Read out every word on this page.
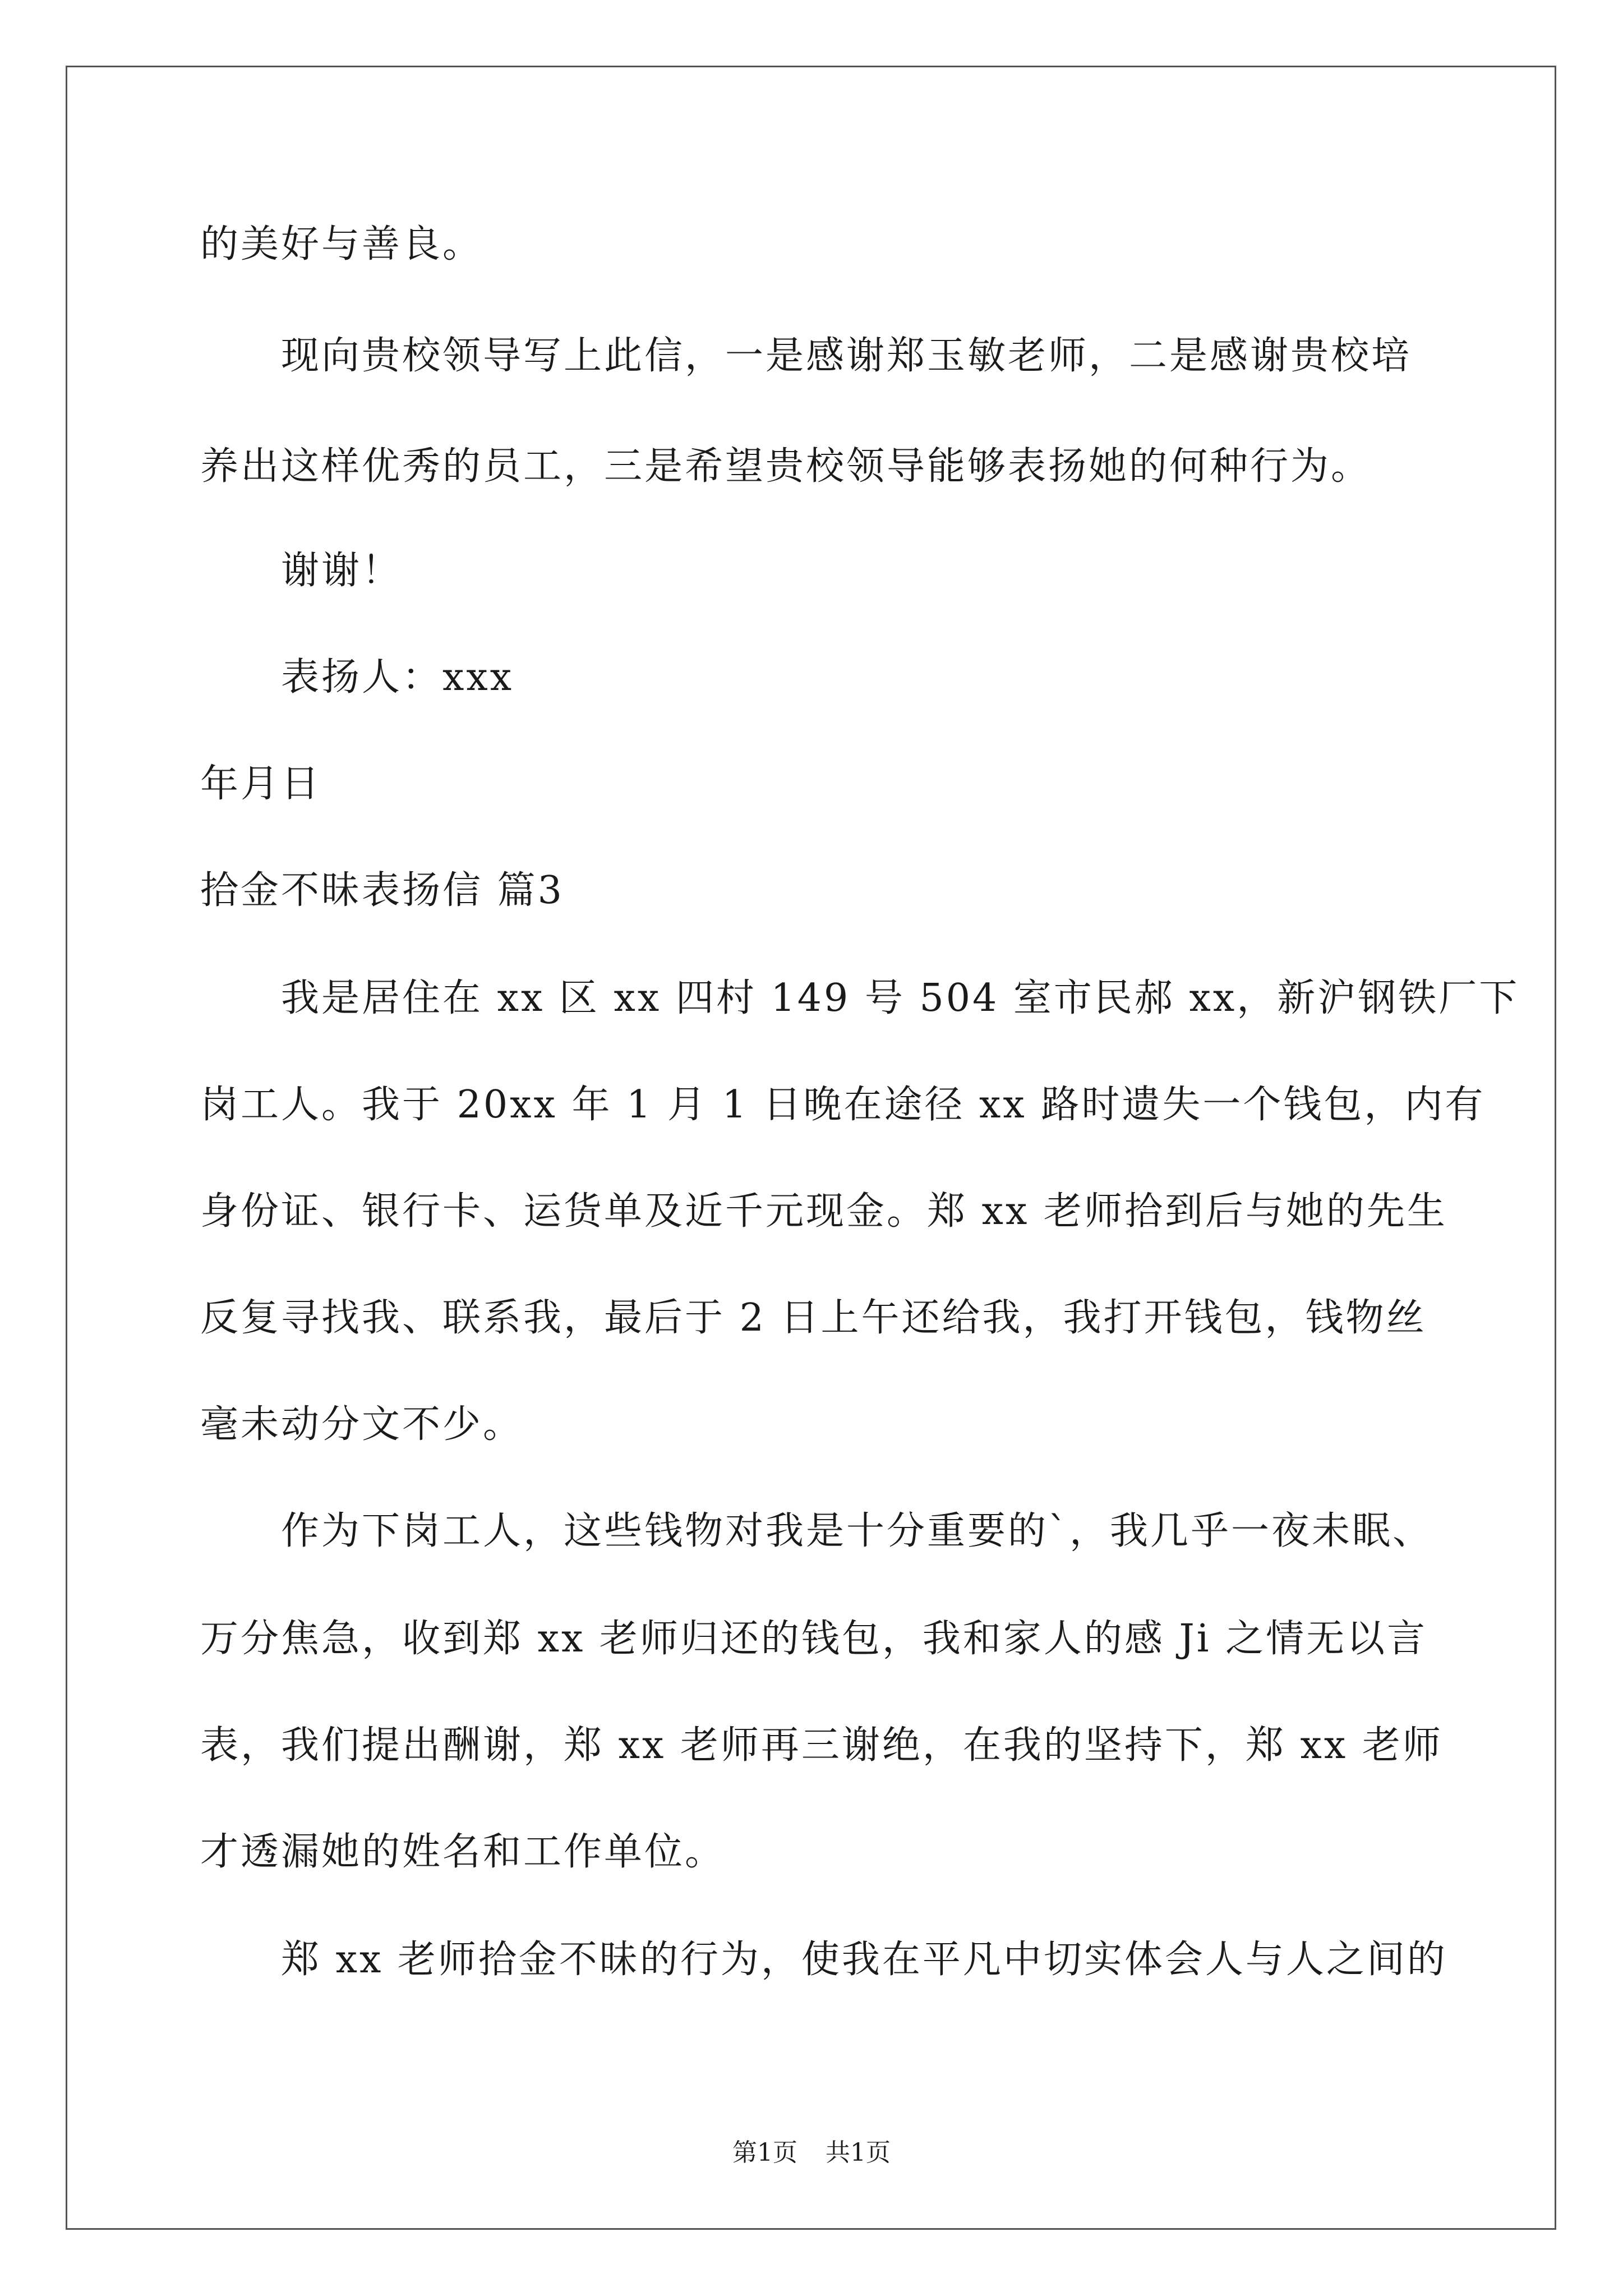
的美好与善良。
现向贵校领导写上此信，一是感谢郑玉敏老师，二是感谢贵校培
养出这样优秀的员工，三是希望贵校领导能够表扬她的何种行为。
谢谢！
表扬人：xxx
年月日
拾金不昧表扬信 篇3
我是居住在 xx 区 xx 四村 149 号 504 室市民郝 xx，新沪钢铁厂下
岗工人。我于 20xx 年 1 月 1 日晚在途径 xx 路时遗失一个钱包，内有
身份证、银行卡、运货单及近千元现金。郑 xx 老师拾到后与她的先生
反复寻找我、联系我，最后于 2 日上午还给我，我打开钱包，钱物丝
毫未动分文不少。
作为下岗工人，这些钱物对我是十分重要的`，我几乎一夜未眠、
万分焦急，收到郑 xx 老师归还的钱包，我和家人的感 Ji 之情无以言
表，我们提出酬谢，郑 xx 老师再三谢绝，在我的坚持下，郑 xx 老师
才透漏她的姓名和工作单位。
郑 xx 老师拾金不昧的行为，使我在平凡中切实体会人与人之间的
第1页 共1页
